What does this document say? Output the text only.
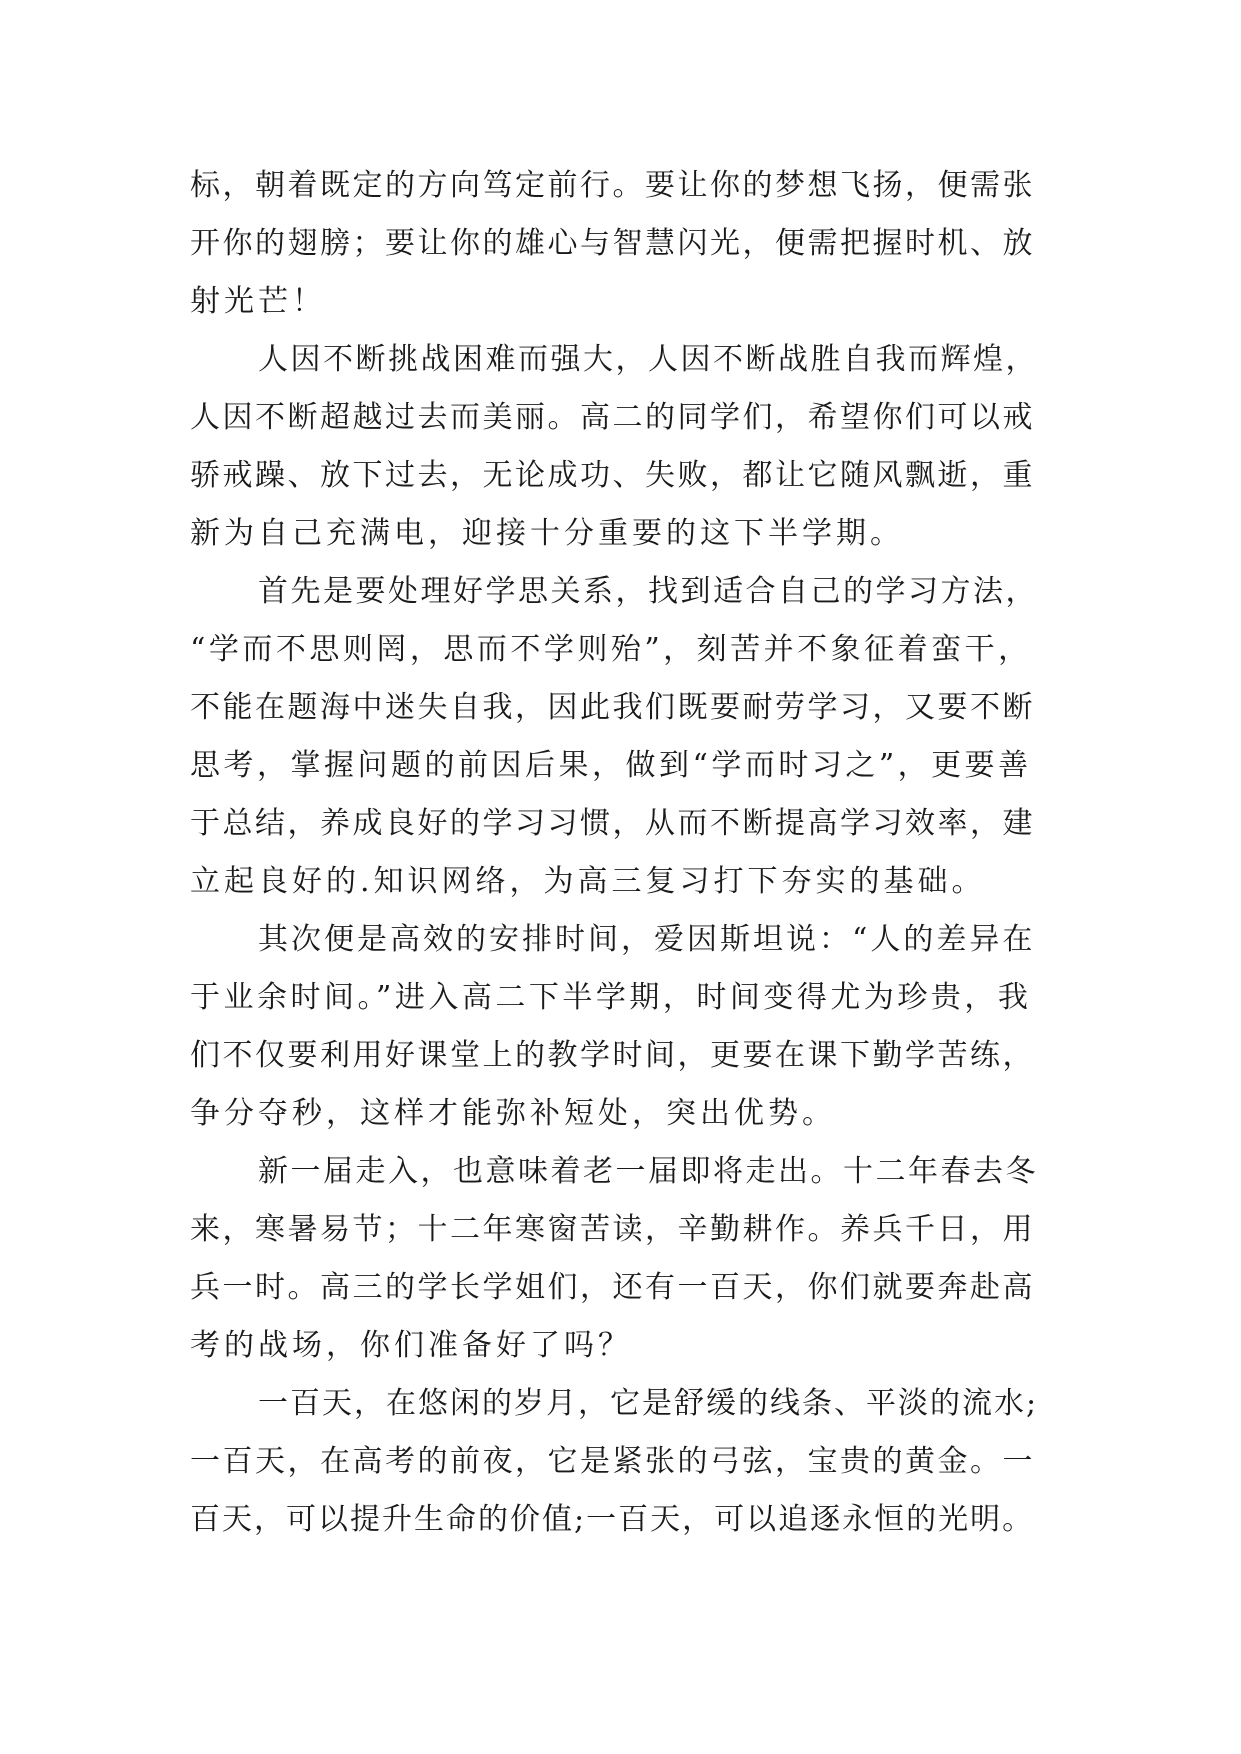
标，朝着既定的方向笃定前行。要让你的梦想飞扬，便需张
开你的翅膀；要让你的雄心与智慧闪光，便需把握时机、放
射光芒！
人因不断挑战困难而强大，人因不断战胜自我而辉煌，
人因不断超越过去而美丽。高二的同学们，希望你们可以戒
骄戒躁、放下过去，无论成功、失败，都让它随风飘逝，重
新为自己充满电，迎接十分重要的这下半学期。
首先是要处理好学思关系，找到适合自己的学习方法，
“学而不思则罔，思而不学则殆”，刻苦并不象征着蛮干，
不能在题海中迷失自我，因此我们既要耐劳学习，又要不断
思考，掌握问题的前因后果，做到“学而时习之”，更要善
于总结，养成良好的学习习惯，从而不断提高学习效率，建
立起良好的.知识网络，为高三复习打下夯实的基础。
其次便是高效的安排时间，爱因斯坦说：“人的差异在
于业余时间。”进入高二下半学期，时间变得尤为珍贵，我
们不仅要利用好课堂上的教学时间，更要在课下勤学苦练，
争分夺秒，这样才能弥补短处，突出优势。
新一届走入，也意味着老一届即将走出。十二年春去冬
来，寒暑易节；十二年寒窗苦读，辛勤耕作。养兵千日，用
兵一时。高三的学长学姐们，还有一百天，你们就要奔赴高
考的战场，你们准备好了吗？
一百天，在悠闲的岁月，它是舒缓的线条、平淡的流水;
一百天，在高考的前夜，它是紧张的弓弦，宝贵的黄金。一
百天，可以提升生命的价值;一百天，可以追逐永恒的光明。
